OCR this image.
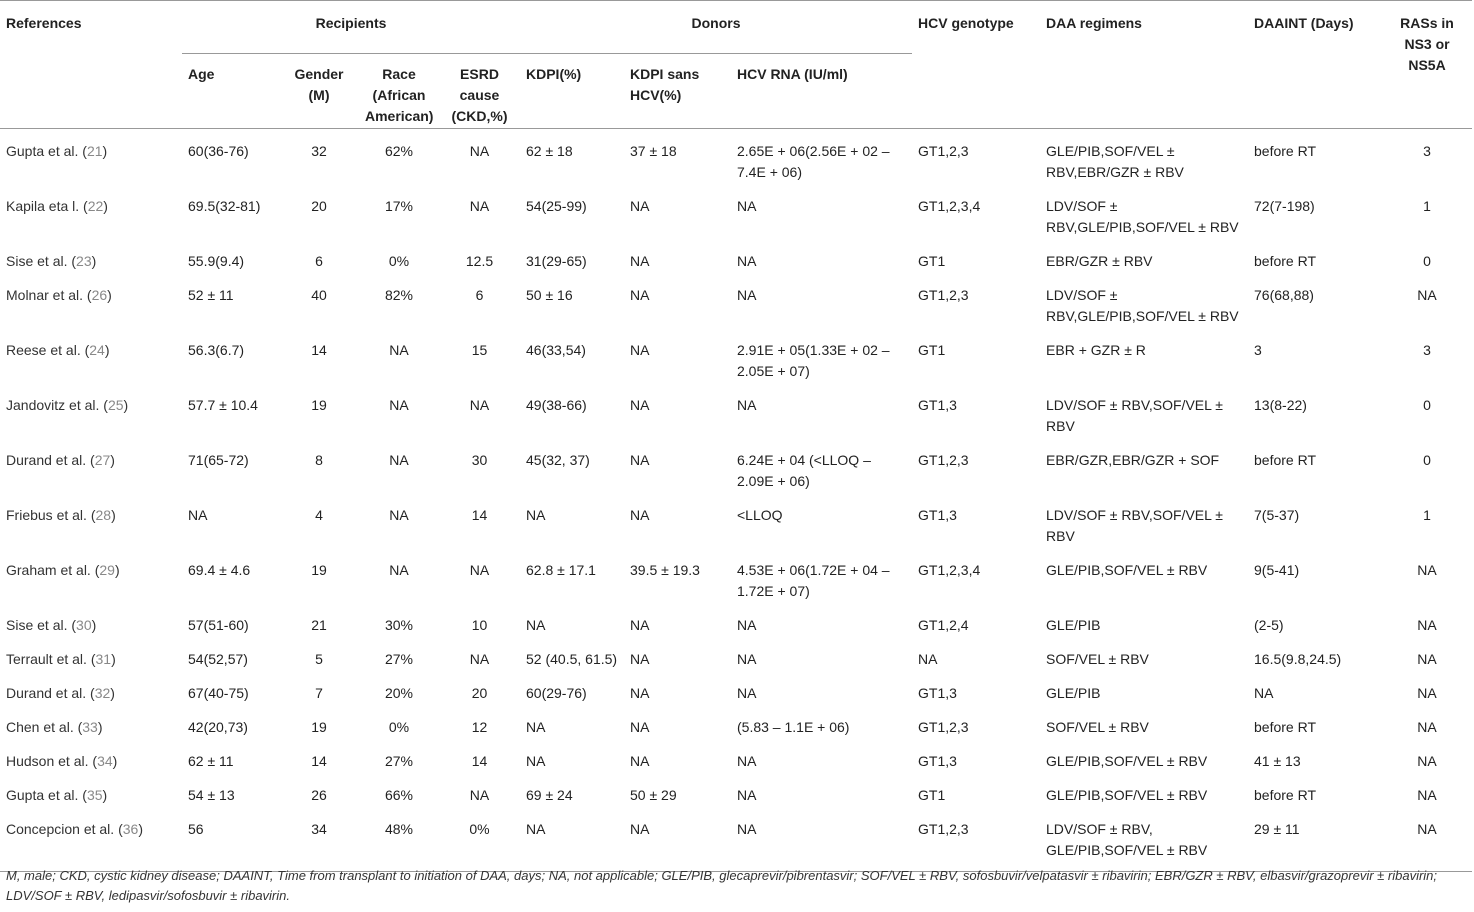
References	Recipients				Donors			HCV genotype	DAA regimens	DAAINT (Days)	RASs in NS3 or NS5A
	Age	Gender (M)	Race (African American)	ESRD cause (CKD,%)	KDPI(%)	KDPI sans HCV(%)	HCV RNA (IU/ml)				
Gupta et al. (21)	60(36-76)	32	62%	NA	62 ± 18	37 ± 18	2.65E + 06(2.56E + 02 – 7.4E + 06)	GT1,2,3	GLE/PIB,SOF/VEL ± RBV,EBR/GZR ± RBV	before RT	3
Kapila eta l. (22)	69.5(32-81)	20	17%	NA	54(25-99)	NA	NA	GT1,2,3,4	LDV/SOF ± RBV,GLE/PIB,SOF/VEL ± RBV	72(7-198)	1
Sise et al. (23)	55.9(9.4)	6	0%	12.5	31(29-65)	NA	NA	GT1	EBR/GZR ± RBV	before RT	0
Molnar et al. (26)	52 ± 11	40	82%	6	50 ± 16	NA	NA	GT1,2,3	LDV/SOF ± RBV,GLE/PIB,SOF/VEL ± RBV	76(68,88)	NA
Reese et al. (24)	56.3(6.7)	14	NA	15	46(33,54)	NA	2.91E + 05(1.33E + 02 – 2.05E + 07)	GT1	EBR + GZR ± R	3	3
Jandovitz et al. (25)	57.7 ± 10.4	19	NA	NA	49(38-66)	NA	NA	GT1,3	LDV/SOF ± RBV,SOF/VEL ± RBV	13(8-22)	0
Durand et al. (27)	71(65-72)	8	NA	30	45(32, 37)	NA	6.24E + 04 (<LLOQ – 2.09E + 06)	GT1,2,3	EBR/GZR,EBR/GZR + SOF	before RT	0
Friebus et al. (28)	NA	4	NA	14	NA	NA	<LLOQ	GT1,3	LDV/SOF ± RBV,SOF/VEL ± RBV	7(5-37)	1
Graham et al. (29)	69.4 ± 4.6	19	NA	NA	62.8 ± 17.1	39.5 ± 19.3	4.53E + 06(1.72E + 04 – 1.72E + 07)	GT1,2,3,4	GLE/PIB,SOF/VEL ± RBV	9(5-41)	NA
Sise et al. (30)	57(51-60)	21	30%	10	NA	NA	NA	GT1,2,4	GLE/PIB	(2-5)	NA
Terrault et al. (31)	54(52,57)	5	27%	NA	52 (40.5, 61.5)	NA	NA	NA	SOF/VEL ± RBV	16.5(9.8,24.5)	NA
Durand et al. (32)	67(40-75)	7	20%	20	60(29-76)	NA	NA	GT1,3	GLE/PIB	NA	NA
Chen et al. (33)	42(20,73)	19	0%	12	NA	NA	(5.83 – 1.1E + 06)	GT1,2,3	SOF/VEL ± RBV	before RT	NA
Hudson et al. (34)	62 ± 11	14	27%	14	NA	NA	NA	GT1,3	GLE/PIB,SOF/VEL ± RBV	41 ± 13	NA
Gupta et al. (35)	54 ± 13	26	66%	NA	69 ± 24	50 ± 29	NA	GT1	GLE/PIB,SOF/VEL ± RBV	before RT	NA
Concepcion et al. (36)	56	34	48%	0%	NA	NA	NA	GT1,2,3	LDV/SOF ± RBV, GLE/PIB,SOF/VEL ± RBV	29 ± 11	NA
M, male; CKD, cystic kidney disease; DAAINT, Time from transplant to initiation of DAA, days; NA, not applicable; GLE/PIB, glecaprevir/pibrentasvir; SOF/VEL ± RBV, sofosbuvir/velpatasvir ± ribavirin; EBR/GZR ± RBV, elbasvir/grazoprevir ± ribavirin; LDV/SOF ± RBV, ledipasvir/sofosbuvir ± ribavirin.
